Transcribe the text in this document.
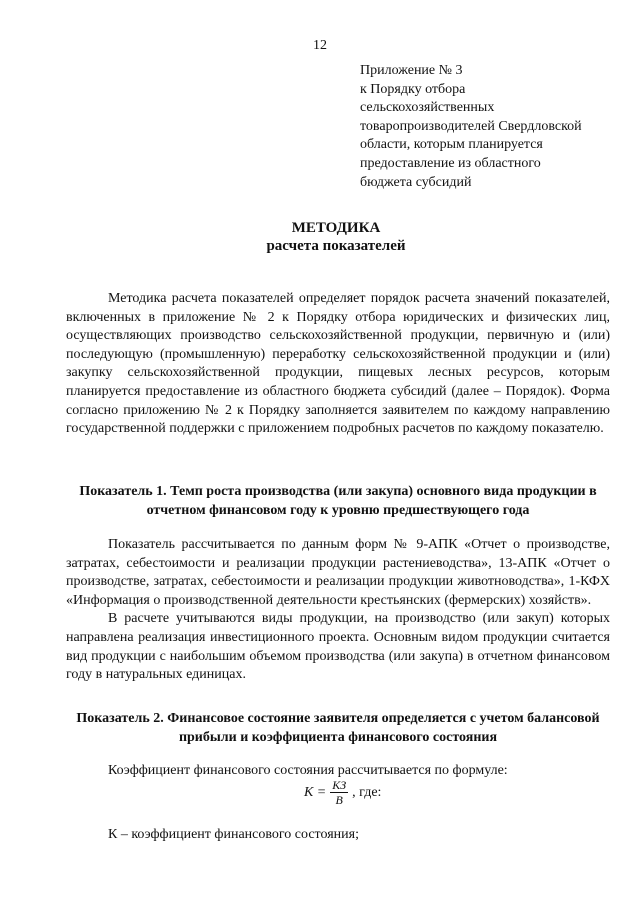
12
Приложение № 3
к Порядку отбора
сельскохозяйственных
товаропроизводителей Свердловской
области, которым планируется
предоставление из областного
бюджета субсидий
МЕТОДИКА
расчета показателей

Методика расчета показателей определяет порядок расчета значений показателей, включенных в приложение № 2 к Порядку отбора юридических и физических лиц, осуществляющих производство сельскохозяйственной продукции, первичную и (или) последующую (промышленную) переработку сельскохозяйственной продукции и (или) закупку сельскохозяйственной продукции, пищевых лесных ресурсов, которым планируется предоставление из областного бюджета субсидий (далее – Порядок). Форма согласно приложению № 2 к Порядку заполняется заявителем по каждому направлению государственной поддержки с приложением подробных расчетов по каждому показателю.

Показатель 1. Темп роста производства (или закупа) основного вида продукции в отчетном финансовом году к уровню предшествующего года

Показатель рассчитывается по данным форм № 9-АПК «Отчет о производстве, затратах, себестоимости и реализации продукции растениеводства», 13-АПК «Отчет о производстве, затратах, себестоимости и реализации продукции животноводства», 1-КФХ «Информация о производственной деятельности крестьянских (фермерских) хозяйств».

В расчете учитываются виды продукции, на производство (или закуп) которых направлена реализация инвестиционного проекта. Основным видом продукции считается вид продукции с наибольшим объемом производства (или закупа) в отчетном финансовом году в натуральных единицах.

Показатель 2. Финансовое состояние заявителя определяется с учетом балансовой прибыли и коэффициента финансового состояния
Коэффициент финансового состояния рассчитывается по формуле:
$К = \frac{КЗ}{В}$ , где:
К – коэффициент финансового состояния;
